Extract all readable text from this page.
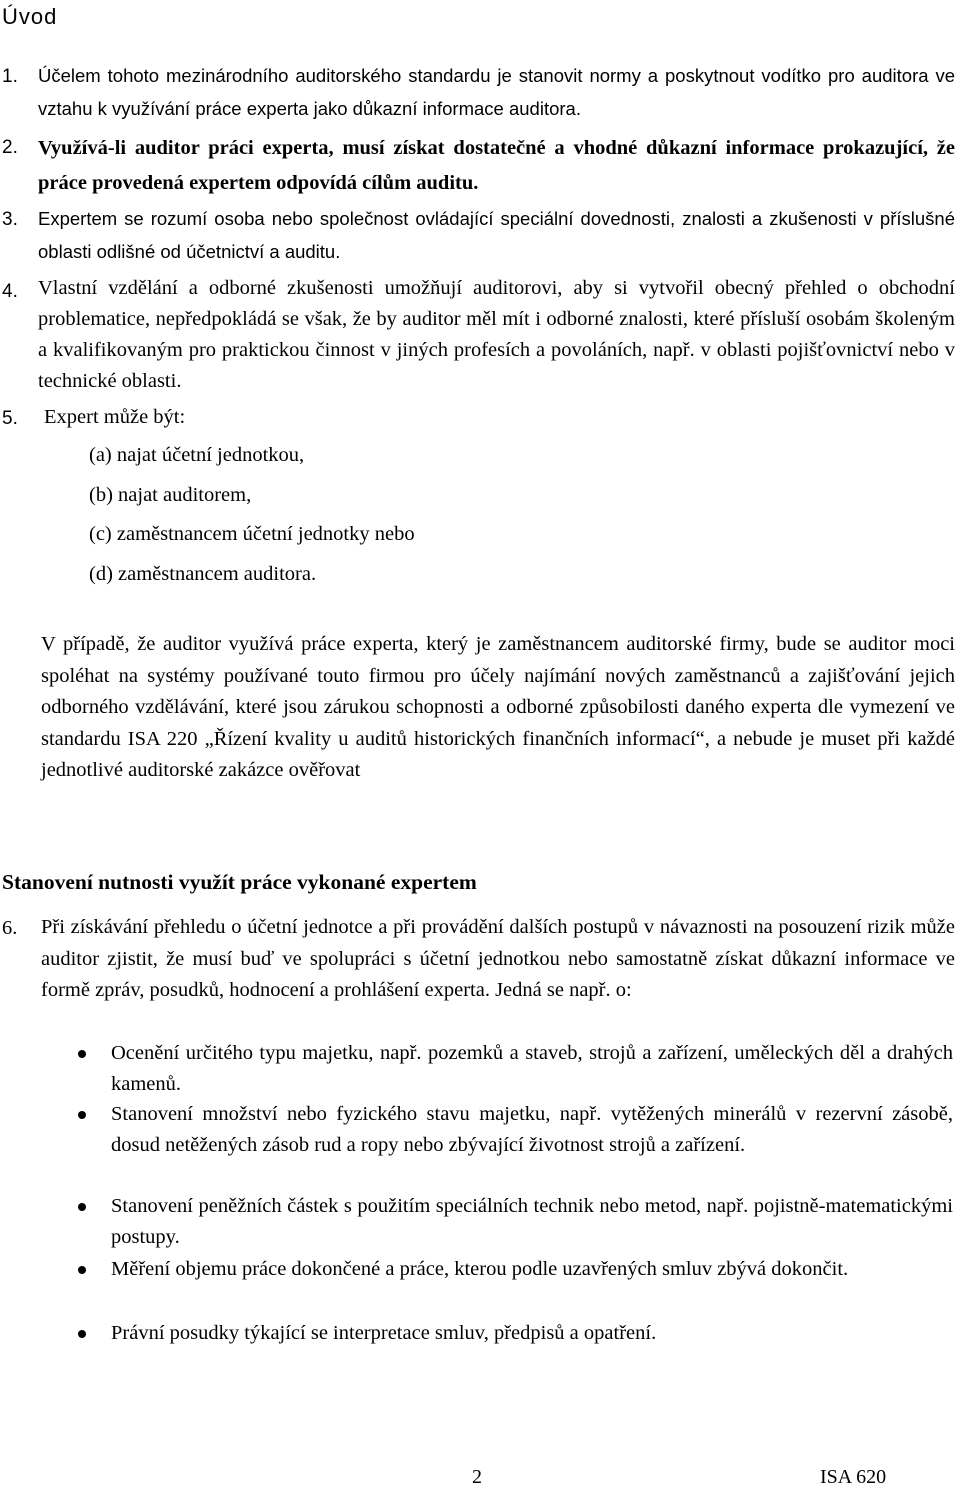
Úvod
1. Účelem tohoto mezinárodního auditorského standardu je stanovit normy a poskytnout vodítko pro auditora ve vztahu k využívání práce experta jako důkazní informace auditora.
2. Využívá-li auditor práci experta, musí získat dostatečné a vhodné důkazní informace prokazující, že práce provedená expertem odpovídá cílům auditu.
3. Expertem se rozumí osoba nebo společnost ovládající speciální dovednosti, znalosti a zkušenosti v příslušné oblasti odlišné od účetnictví a auditu.
4. Vlastní vzdělání a odborné zkušenosti umožňují auditorovi, aby si vytvořil obecný přehled o obchodní problematice, nepředpokládá se však, že by auditor měl mít i odborné znalosti, které přísluší osobám školeným a kvalifikovaným pro praktickou činnost v jiných profesích a povoláních, např. v oblasti pojišťovnictví nebo v technické oblasti.
5. Expert může být:
(a) najat účetní jednotkou,
(b) najat auditorem,
(c) zaměstnancem účetní jednotky nebo
(d) zaměstnancem auditora.
V případě, že auditor využívá práce experta, který je zaměstnancem auditorské firmy, bude se auditor moci spoléhat na systémy používané touto firmou pro účely najímání nových zaměstnanců a zajišťování jejich odborného vzdělávání, které jsou zárukou schopnosti a odborné způsobilosti daného experta dle vymezení ve standardu ISA 220 „Řízení kvality u auditů historických finančních informací“, a nebude je muset při každé jednotlivé auditorské zakázce ověřovat
Stanovení nutnosti využít práce vykonané expertem
6. Při získávání přehledu o účetní jednotce a při provádění dalších postupů v návaznosti na posouzení rizik může auditor zjistit, že musí buď ve spolupráci s účetní jednotkou nebo samostatně získat důkazní informace ve formě zpráv, posudků, hodnocení a prohlášení experta. Jedná se např. o:
Ocenění určitého typu majetku, např. pozemků a staveb, strojů a zařízení, uměleckých děl a drahých kamenů.
Stanovení množství nebo fyzického stavu majetku, např. vytěžených minerálů v rezervní zásobě, dosud netěžených zásob rud a ropy nebo zbývající životnost strojů a zařízení.
Stanovení peněžních částek s použitím speciálních technik nebo metod, např. pojistně-matematickými postupy.
Měření objemu práce dokončené a práce, kterou podle uzavřených smluv zbývá dokončit.
Právní posudky týkající se interpretace smluv, předpisů a opatření.
2	ISA 620
